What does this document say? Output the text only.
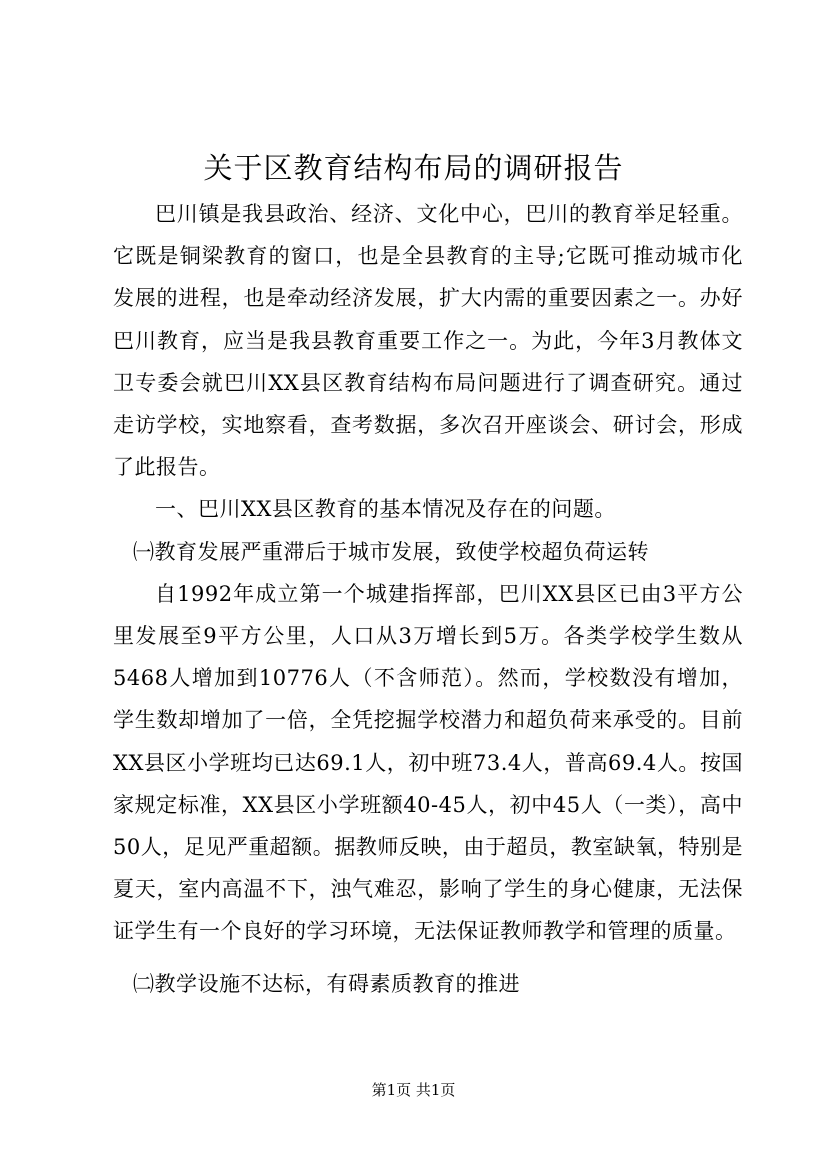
关于区教育结构布局的调研报告

巴川镇是我县政治、经济、文化中心，巴川的教育举足轻重。它既是铜梁教育的窗口，也是全县教育的主导;它既可推动城市化发展的进程，也是牵动经济发展，扩大内需的重要因素之一。办好巴川教育，应当是我县教育重要工作之一。为此，今年3月教体文卫专委会就巴川XX县区教育结构布局问题进行了调查研究。通过走访学校，实地察看，查考数据，多次召开座谈会、研讨会，形成了此报告。

一、巴川XX县区教育的基本情况及存在的问题。

㈠教育发展严重滞后于城市发展，致使学校超负荷运转

自1992年成立第一个城建指挥部，巴川XX县区已由3平方公里发展至9平方公里，人口从3万增长到5万。各类学校学生数从5468人增加到10776人（不含师范）。然而，学校数没有增加，学生数却增加了一倍，全凭挖掘学校潜力和超负荷来承受的。目前XX县区小学班均已达69.1人，初中班73.4人，普高69.4人。按国家规定标准，XX县区小学班额40-45人，初中45人（一类），高中50人，足见严重超额。据教师反映，由于超员，教室缺氧，特别是夏天，室内高温不下，浊气难忍，影响了学生的身心健康，无法保证学生有一个良好的学习环境，无法保证教师教学和管理的质量。

㈡教学设施不达标，有碍素质教育的推进

第1页 共1页
